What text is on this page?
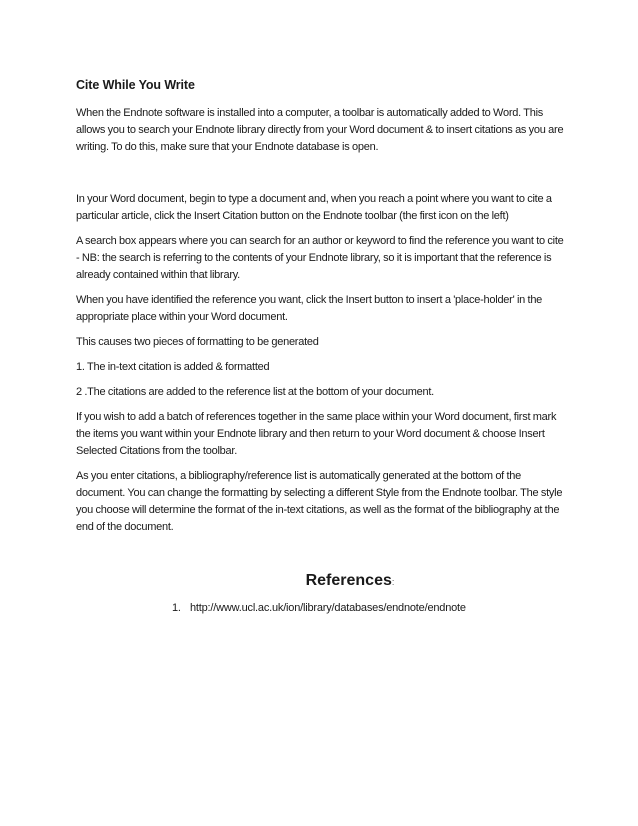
Cite While You Write

When the Endnote software is installed into a computer, a toolbar is automatically added to Word. This allows you to search your Endnote library directly from your Word document & to insert citations as you are writing. To do this, make sure that your Endnote database is open.

In your Word document, begin to type a document and, when you reach a point where you want to cite a particular article, click the Insert Citation button on the Endnote toolbar (the first icon on the left)

A search box appears where you can search for an author or keyword to find the reference you want to cite - NB: the search is referring to the contents of your Endnote library, so it is important that the reference is already contained within that library.

When you have identified the reference you want, click the Insert button to insert a 'place-holder' in the appropriate place within your Word document.

This causes two pieces of formatting to be generated

1. The in-text citation is added & formatted

2 .The citations are added to the reference list at the bottom of your document.

If you wish to add a batch of references together in the same place within your Word document, first mark the items you want within your Endnote library and then return to your Word document & choose Insert Selected Citations from the toolbar.

As you enter citations, a bibliography/reference list is automatically generated at the bottom of the document. You can change the formatting by selecting a different Style from the Endnote toolbar. The style you choose will determine the format of the in-text citations, as well as the format of the bibliography at the end of the document.

References:
1. http://www.ucl.ac.uk/ion/library/databases/endnote/endnote
